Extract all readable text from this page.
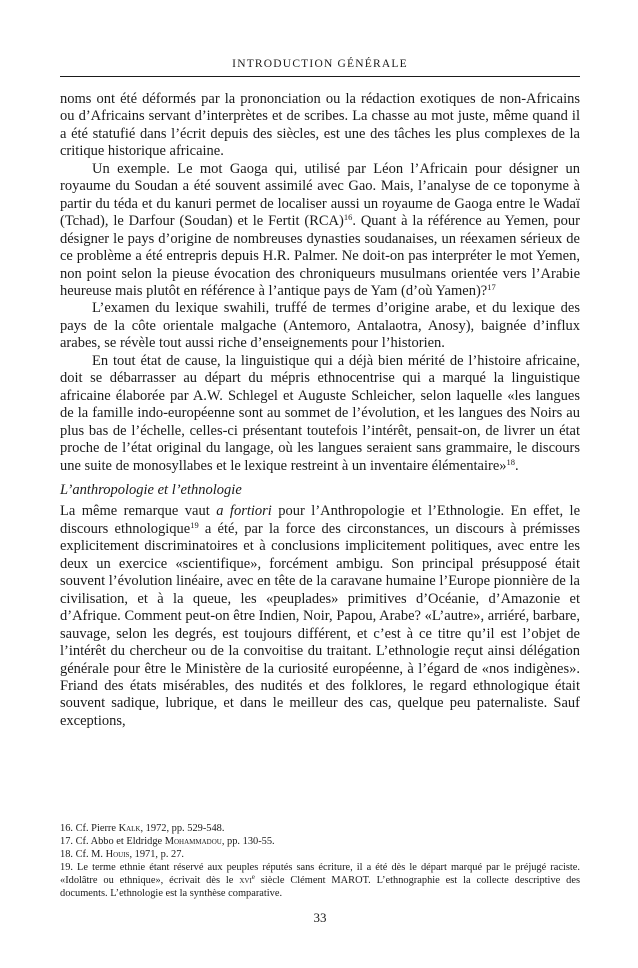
INTRODUCTION GÉNÉRALE

noms ont été déformés par la prononciation ou la rédaction exotiques de non-Africains ou d’Africains servant d’interprètes et de scribes. La chasse au mot juste, même quand il a été statufié dans l’écrit depuis des siècles, est une des tâches les plus complexes de la critique historique africaine.

Un exemple. Le mot Gaoga qui, utilisé par Léon l’Africain pour désigner un royaume du Soudan a été souvent assimilé avec Gao. Mais, l’analyse de ce toponyme à partir du téda et du kanuri permet de localiser aussi un royaume de Gaoga entre le Wadaï (Tchad), le Darfour (Soudan) et le Fertit (RCA)$^{16}$. Quant à la référence au Yemen, pour désigner le pays d’origine de nombreuses dynasties soudanaises, un réexamen sérieux de ce problème a été entrepris depuis H.R. Palmer. Ne doit-on pas interpréter le mot Yemen, non point selon la pieuse évocation des chroniqueurs musulmans orientée vers l’Arabie heureuse mais plutôt en référence à l’antique pays de Yam (d’où Yamen)?$^{17}$

L’examen du lexique swahili, truffé de termes d’origine arabe, et du lexique des pays de la côte orientale malgache (Antemoro, Antalaotra, Anosy), baignée d’influx arabes, se révèle tout aussi riche d’enseignements pour l’historien.

En tout état de cause, la linguistique qui a déjà bien mérité de l’histoire africaine, doit se débarrasser au départ du mépris ethnocentrise qui a marqué la linguistique africaine élaborée par A.W. Schlegel et Auguste Schleicher, selon laquelle «les langues de la famille indo-européenne sont au sommet de l’évolution, et les langues des Noirs au plus bas de l’échelle, celles-ci présentant toutefois l’intérêt, pensait-on, de livrer un état proche de l’état original du langage, où les langues seraient sans grammaire, le discours une suite de monosyllabes et le lexique restreint à un inventaire élémentaire»$^{18}$.

L’anthropologie et l’ethnologie

La même remarque vaut a fortiori pour l’Anthropologie et l’Ethnologie. En effet, le discours ethnologique$^{19}$ a été, par la force des circonstances, un discours à prémisses explicitement discriminatoires et à conclusions implicitement politiques, avec entre les deux un exercice «scientifique», forcément ambigu. Son principal présupposé était souvent l’évolution linéaire, avec en tête de la caravane humaine l’Europe pionnière de la civilisation, et à la queue, les «peuplades» primitives d’Océanie, d’Amazonie et d’Afrique. Comment peut-on être Indien, Noir, Papou, Arabe? «L’autre», arriéré, barbare, sauvage, selon les degrés, est toujours différent, et c’est à ce titre qu’il est l’objet de l’intérêt du chercheur ou de la convoitise du traitant. L’ethnologie reçut ainsi délégation générale pour être le Ministère de la curiosité européenne, à l’égard de «nos indigènes». Friand des états misérables, des nudités et des folklores, le regard ethnologique était souvent sadique, lubrique, et dans le meilleur des cas, quelque peu paternaliste. Sauf exceptions,

16. Cf. Pierre Kalk, 1972, pp. 529-548.

17. Cf. Abbo et Eldridge Mohammadou, pp. 130-55.

18. Cf. M. Houis, 1971, p. 27.

19. Le terme ethnie étant réservé aux peuples réputés sans écriture, il a été dès le départ marqué par le préjugé raciste. «Idolâtre ou ethnique», écrivait dès le xvi$^e$ siècle Clément MAROT. L’ethnographie est la collecte descriptive des documents. L’ethnologie est la synthèse comparative.

33
